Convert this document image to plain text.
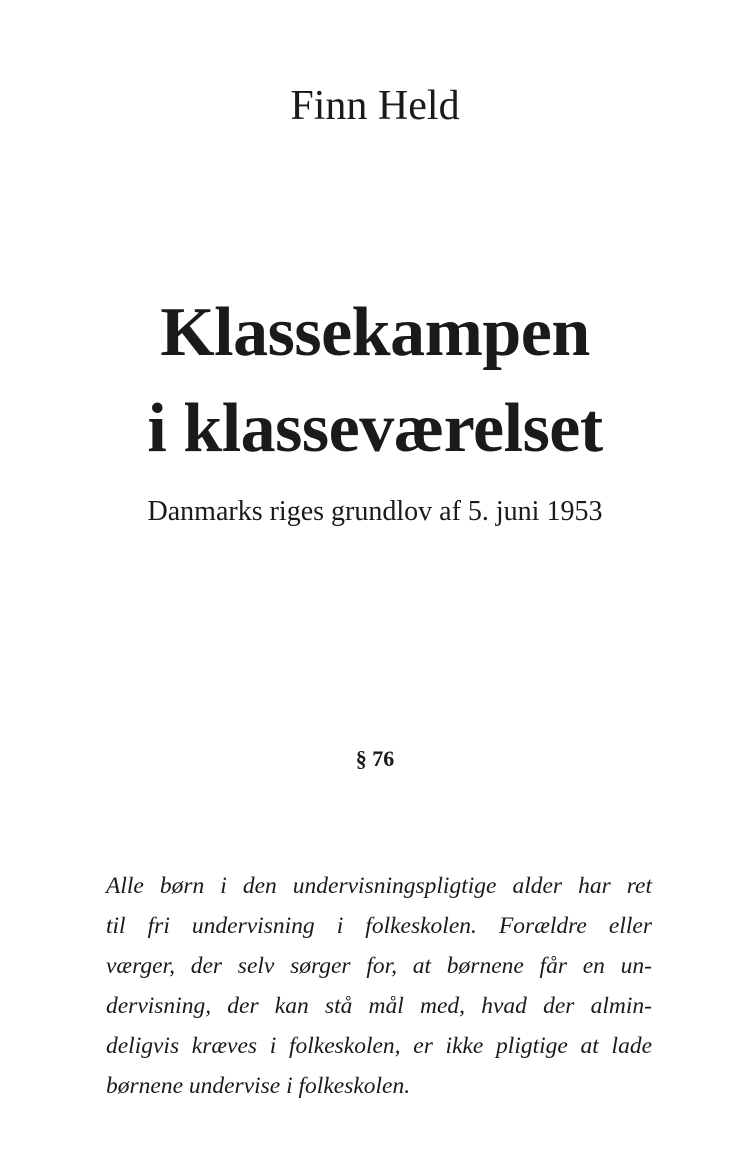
Finn Held
Klassekampen
i klasseværelset
Danmarks riges grundlov af 5. juni 1953
§ 76
Alle børn i den undervisningspligtige alder har ret
til fri undervisning i folkeskolen. Forældre eller
værger, der selv sørger for, at børnene får en un-
dervisning, der kan stå mål med, hvad der almin-
deligvis kræves i folkeskolen, er ikke pligtige at lade
børnene undervise i folkeskolen.
